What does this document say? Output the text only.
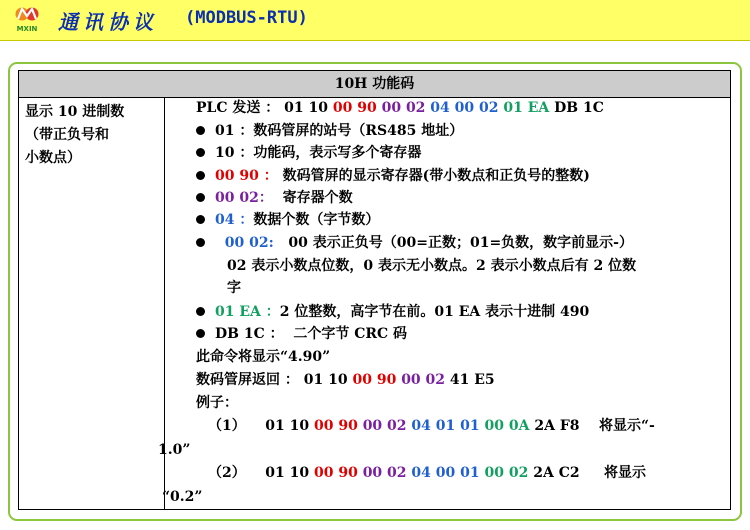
MXIN 通讯协议 (MODBUS-RTU)
10H 功能码
显示 10 进制数
（带正负号和
小数点）
PLC 发送 ： 01 10 00 90 00 02 04 00 02 01 EA DB 1C
01 ：数码管屏的站号（RS485 地址）
10 ：功能码，表示写多个寄存器
00 90 ： 数码管屏的显示寄存器(带小数点和正负号的整数)
00 02： 寄存器个数
04 ：数据个数（字节数）
00 02: 00 表示正负号（00=正数；01=负数，数字前显示-）
02 表示小数点位数，0 表示无小数点。2 表示小数点后有 2 位数
字
01 EA ：2 位整数，高字节在前。01 EA 表示十进制 490
DB 1C ： 二个字节 CRC 码
此命令将显示“4.90”
数码管屏返回 ： 01 10 00 90 00 02 41 E5
例子：
（1） 01 10 00 90 00 02 04 01 01 00 0A 2A F8 将显示“-
1.0”
（2） 01 10 00 90 00 02 04 00 01 00 02 2A C2 将显示
“0.2”
